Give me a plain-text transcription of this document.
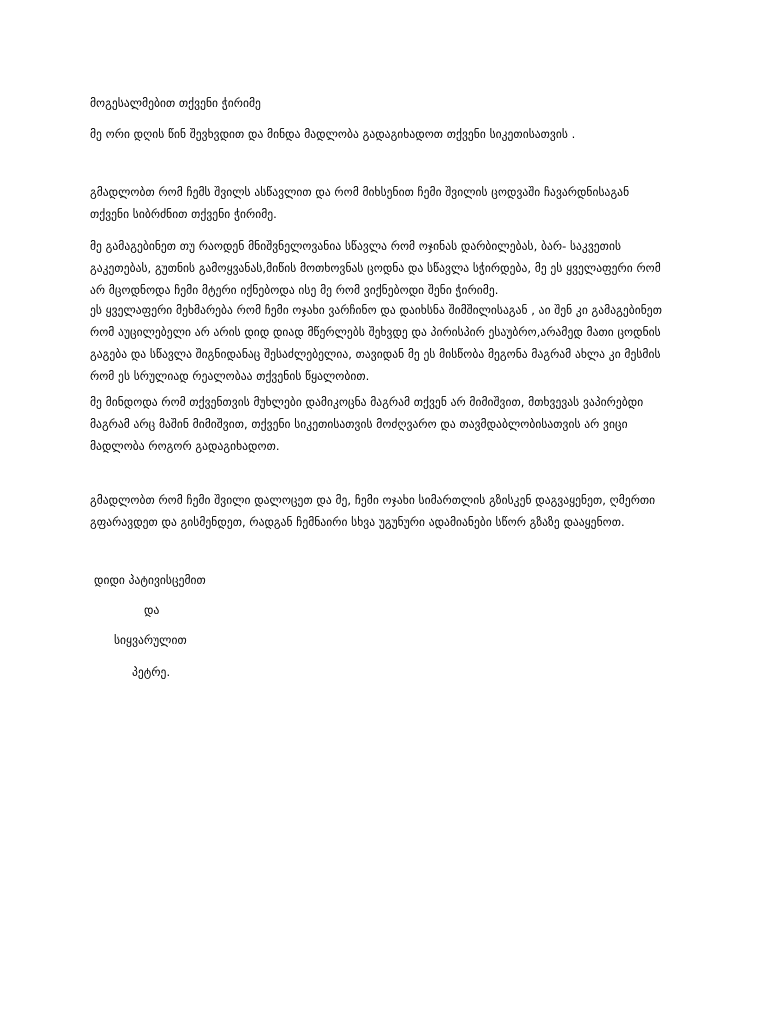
მოგესალმებით თქვენი ჭირიმე
მე ორი დღის წინ შევხვდით და მინდა მადლობა გადაგიხადოთ თქვენი სიკეთისათვის .
გმადლობთ რომ ჩემს შვილს ასწავლით და რომ მიხსენით ჩემი შვილის ცოდვაში ჩავარდნისაგან
თქვენი სიბრძნით თქვენი ჭირიმე.
მე გამაგებინეთ თუ რაოდენ მნიშვნელოვანია სწავლა რომ ოჯინას დარბილებას, ბარ- საკვეთის
გაკეთებას, გუთნის გამოყვანას,მიწის მოთხოვნას ცოდნა და სწავლა სჭირდება, მე ეს ყველაფერი რომ
არ მცოდნოდა ჩემი მტერი იქნებოდა ისე მე რომ ვიქნებოდი შენი ჭირიმე.
ეს ყველაფერი მეხმარება რომ ჩემი ოჯახი ვარჩინო და დაიხსნა შიმშილისაგან , აი შენ კი გამაგებინეთ
რომ აუცილებელი არ არის დიდ დიად მწერლებს შეხვდე და პირისპირ ესაუბრო,არამედ მათი ცოდნის
გაგება და სწავლა შიგნიდანაც შესაძლებელია, თავიდან მე ეს მისწობა მეგონა მაგრამ ახლა კი მესმის
რომ ეს სრულიად რეალობაა თქვენის წყალობით.
მე მინდოდა რომ თქვენთვის მუხლები დამიკოცნა მაგრამ თქვენ არ მიმიშვით, მთხვევას ვაპირებდი
მაგრამ არც მაშინ მიმიშვით, თქვენი სიკეთისათვის მოძღვარო და თავმდაბლობისათვის არ ვიცი
მადლობა როგორ გადაგიხადოთ.
გმადლობთ რომ ჩემი შვილი დალოცეთ და მე, ჩემი ოჯახი სიმართლის გზისკენ დაგვაყენეთ, ღმერთი
გფარავდეთ და გისმენდეთ, რადგან ჩემნაირი სხვა უგუნური ადამიანები სწორ გზაზე დააყენოთ.
დიდი პატივისცემით
და
სიყვარულით
პეტრე.
